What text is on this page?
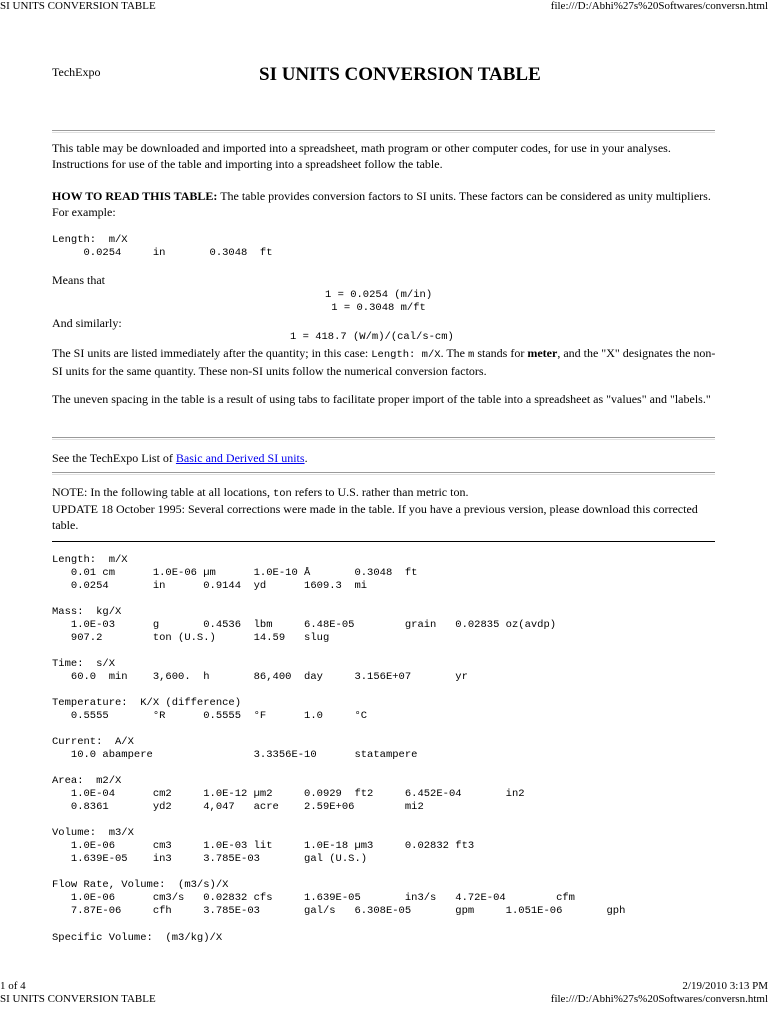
SI UNITS CONVERSION TABLE	file:///D:/Abhi%27s%20Softwares/conversn.html
TechExpo	SI UNITS CONVERSION TABLE
This table may be downloaded and imported into a spreadsheet, math program or other computer codes, for use in your analyses. Instructions for use of the table and importing into a spreadsheet follow the table.
HOW TO READ THIS TABLE: The table provides conversion factors to SI units. These factors can be considered as unity multipliers. For example:
Length:  m/X
0.0254     in       0.3048  ft
Means that
1 = 0.0254 (m/in)
1 = 0.3048 m/ft
And similarly:
1 = 418.7 (W/m)/(cal/s-cm)
The SI units are listed immediately after the quantity; in this case: Length: m/X. The m stands for meter, and the "X" designates the non-SI units for the same quantity. These non-SI units follow the numerical conversion factors.
The uneven spacing in the table is a result of using tabs to facilitate proper import of the table into a spreadsheet as "values" and "labels."
See the TechExpo List of Basic and Derived SI units.
NOTE: In the following table at all locations, ton refers to U.S. rather than metric ton.
UPDATE 18 October 1995: Several corrections were made in the table. If you have a previous version, please download this corrected table.
Length:  m/X
0.01 cm      1.0E-06 µm      1.0E-10 Å       0.3048  ft
0.0254       in      0.9144  yd      1609.3  mi
Mass:  kg/X
1.0E-03      g       0.4536  lbm     6.48E-05        grain   0.02835 oz(avdp)
907.2        ton (U.S.)      14.59   slug
Time:  s/X
60.0  min    3,600.  h       86,400  day     3.156E+07       yr
Temperature:  K/X (difference)
0.5555       °R      0.5555  °F      1.0     °C
Current:  A/X
10.0 abampere                3.3356E-10      statampere
Area:  m2/X
1.0E-04      cm2     1.0E-12 µm2     0.0929  ft2     6.452E-04       in2
0.8361       yd2     4,047   acre    2.59E+06        mi2
Volume:  m3/X
1.0E-06      cm3     1.0E-03 lit     1.0E-18 µm3     0.02832 ft3
1.639E-05    in3     3.785E-03       gal (U.S.)
Flow Rate, Volume:  (m3/s)/X
1.0E-06      cm3/s   0.02832 cfs     1.639E-05       in3/s   4.72E-04        cfm
7.87E-06     cfh     3.785E-03       gal/s   6.308E-05       gpm     1.051E-06       gph
Specific Volume:  (m3/kg)/X
1 of 4	2/19/2010 3:13 PM
SI UNITS CONVERSION TABLE	file:///D:/Abhi%27s%20Softwares/conversn.html
